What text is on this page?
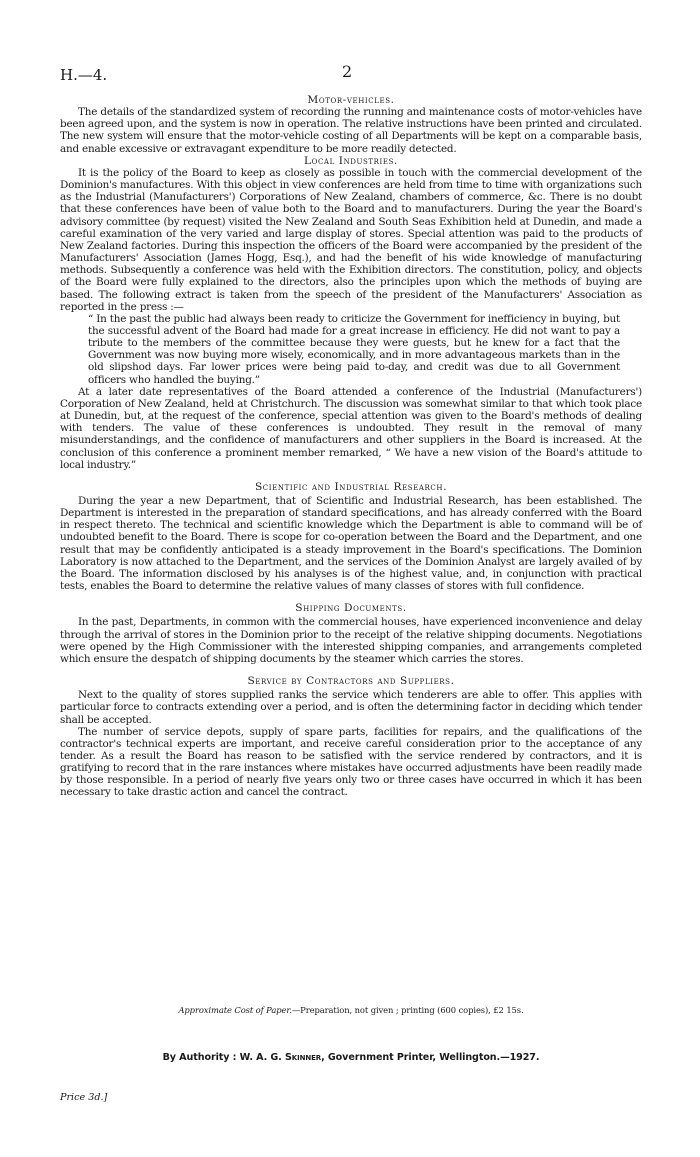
H.—4.	2
Motor-vehicles.

The details of the standardized system of recording the running and maintenance costs of motor-vehicles have been agreed upon, and the system is now in operation. The relative instructions have been printed and circulated. The new system will ensure that the motor-vehicle costing of all Departments will be kept on a comparable basis, and enable excessive or extravagant expenditure to be more readily detected.

Local Industries.

It is the policy of the Board to keep as closely as possible in touch with the commercial development of the Dominion's manufactures. With this object in view conferences are held from time to time with organizations such as the Industrial (Manufacturers') Corporations of New Zealand, chambers of commerce, &c. There is no doubt that these conferences have been of value both to the Board and to manufacturers. During the year the Board's advisory committee (by request) visited the New Zealand and South Seas Exhibition held at Dunedin, and made a careful examination of the very varied and large display of stores. Special attention was paid to the products of New Zealand factories. During this inspection the officers of the Board were accompanied by the president of the Manufacturers' Association (James Hogg, Esq.), and had the benefit of his wide knowledge of manufacturing methods. Subsequently a conference was held with the Exhibition directors. The constitution, policy, and objects of the Board were fully explained to the directors, also the principles upon which the methods of buying are based. The following extract is taken from the speech of the president of the Manufacturers' Association as reported in the press :—

“ In the past the public had always been ready to criticize the Government for inefficiency in buying, but the successful advent of the Board had made for a great increase in efficiency. He did not want to pay a tribute to the members of the committee because they were guests, but he knew for a fact that the Government was now buying more wisely, economically, and in more advantageous markets than in the old slipshod days. Far lower prices were being paid to-day, and credit was due to all Government officers who handled the buying.”

At a later date representatives of the Board attended a conference of the Industrial (Manufacturers') Corporation of New Zealand, held at Christchurch. The discussion was somewhat similar to that which took place at Dunedin, but, at the request of the conference, special attention was given to the Board's methods of dealing with tenders. The value of these conferences is undoubted. They result in the removal of many misunderstandings, and the confidence of manufacturers and other suppliers in the Board is increased. At the conclusion of this conference a prominent member remarked, “ We have a new vision of the Board's attitude to local industry.”

Scientific and Industrial Research.

During the year a new Department, that of Scientific and Industrial Research, has been established. The Department is interested in the preparation of standard specifications, and has already conferred with the Board in respect thereto. The technical and scientific knowledge which the Department is able to command will be of undoubted benefit to the Board. There is scope for co-operation between the Board and the Department, and one result that may be confidently anticipated is a steady improvement in the Board's specifications. The Dominion Laboratory is now attached to the Department, and the services of the Dominion Analyst are largely availed of by the Board. The information disclosed by his analyses is of the highest value, and, in conjunction with practical tests, enables the Board to determine the relative values of many classes of stores with full confidence.

Shipping Documents.

In the past, Departments, in common with the commercial houses, have experienced inconvenience and delay through the arrival of stores in the Dominion prior to the receipt of the relative shipping documents. Negotiations were opened by the High Commissioner with the interested shipping companies, and arrangements completed which ensure the despatch of shipping documents by the steamer which carries the stores.

Service by Contractors and Suppliers.

Next to the quality of stores supplied ranks the service which tenderers are able to offer. This applies with particular force to contracts extending over a period, and is often the determining factor in deciding which tender shall be accepted.

The number of service depots, supply of spare parts, facilities for repairs, and the qualifications of the contractor's technical experts are important, and receive careful consideration prior to the acceptance of any tender. As a result the Board has reason to be satisfied with the service rendered by contractors, and it is gratifying to record that in the rare instances where mistakes have occurred adjustments have been readily made by those responsible. In a period of nearly five years only two or three cases have occurred in which it has been necessary to take drastic action and cancel the contract.

Approximate Cost of Paper.—Preparation, not given ; printing (600 copies), £2 15s.
By Authority : W. A. G. Skinner, Government Printer, Wellington.—1927.
Price 3d.]
